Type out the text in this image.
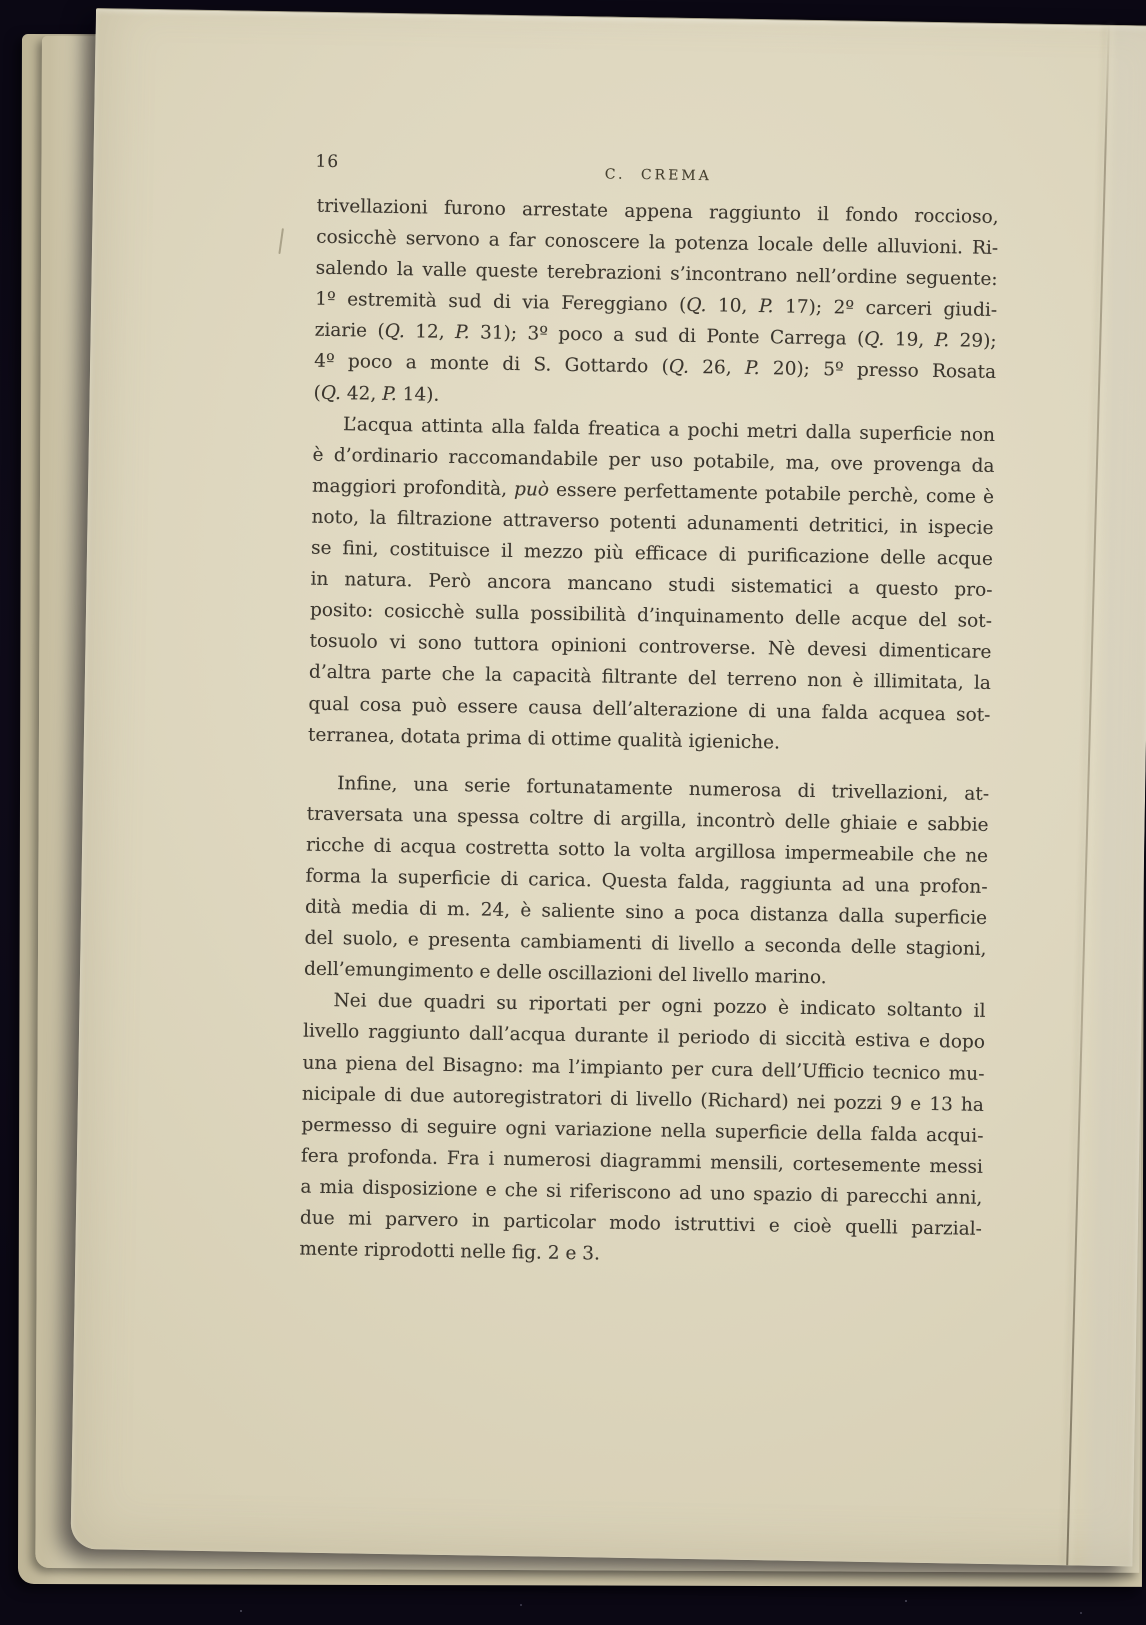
16
C. CREMA
trivellazioni furono arrestate appena raggiunto il fondo roccioso,
cosicchè servono a far conoscere la potenza locale delle alluvioni. Ri-
salendo la valle queste terebrazioni s’incontrano nell’ordine seguente:
1º estremità sud di via Fereggiano (Q. 10, P. 17); 2º carceri giudi-
ziarie (Q. 12, P. 31); 3º poco a sud di Ponte Carrega (Q. 19, P. 29);
4º poco a monte di S. Gottardo (Q. 26, P. 20); 5º presso Rosata
(Q. 42, P. 14).
L’acqua attinta alla falda freatica a pochi metri dalla superficie non
è d’ordinario raccomandabile per uso potabile, ma, ove provenga da
maggiori profondità, può essere perfettamente potabile perchè, come è
noto, la filtrazione attraverso potenti adunamenti detritici, in ispecie
se fini, costituisce il mezzo più efficace di purificazione delle acque
in natura. Però ancora mancano studi sistematici a questo pro-
posito: cosicchè sulla possibilità d’inquinamento delle acque del sot-
tosuolo vi sono tuttora opinioni controverse. Nè devesi dimenticare
d’altra parte che la capacità filtrante del terreno non è illimitata, la
qual cosa può essere causa dell’alterazione di una falda acquea sot-
terranea, dotata prima di ottime qualità igieniche.
Infine, una serie fortunatamente numerosa di trivellazioni, at-
traversata una spessa coltre di argilla, incontrò delle ghiaie e sabbie
ricche di acqua costretta sotto la volta argillosa impermeabile che ne
forma la superficie di carica. Questa falda, raggiunta ad una profon-
dità media di m. 24, è saliente sino a poca distanza dalla superficie
del suolo, e presenta cambiamenti di livello a seconda delle stagioni,
dell’emungimento e delle oscillazioni del livello marino.
Nei due quadri su riportati per ogni pozzo è indicato soltanto il
livello raggiunto dall’acqua durante il periodo di siccità estiva e dopo
una piena del Bisagno: ma l’impianto per cura dell’Ufficio tecnico mu-
nicipale di due autoregistratori di livello (Richard) nei pozzi 9 e 13 ha
permesso di seguire ogni variazione nella superficie della falda acqui-
fera profonda. Fra i numerosi diagrammi mensili, cortesemente messi
a mia disposizione e che si riferiscono ad uno spazio di parecchi anni,
due mi parvero in particolar modo istruttivi e cioè quelli parzial-
mente riprodotti nelle fig. 2 e 3.
